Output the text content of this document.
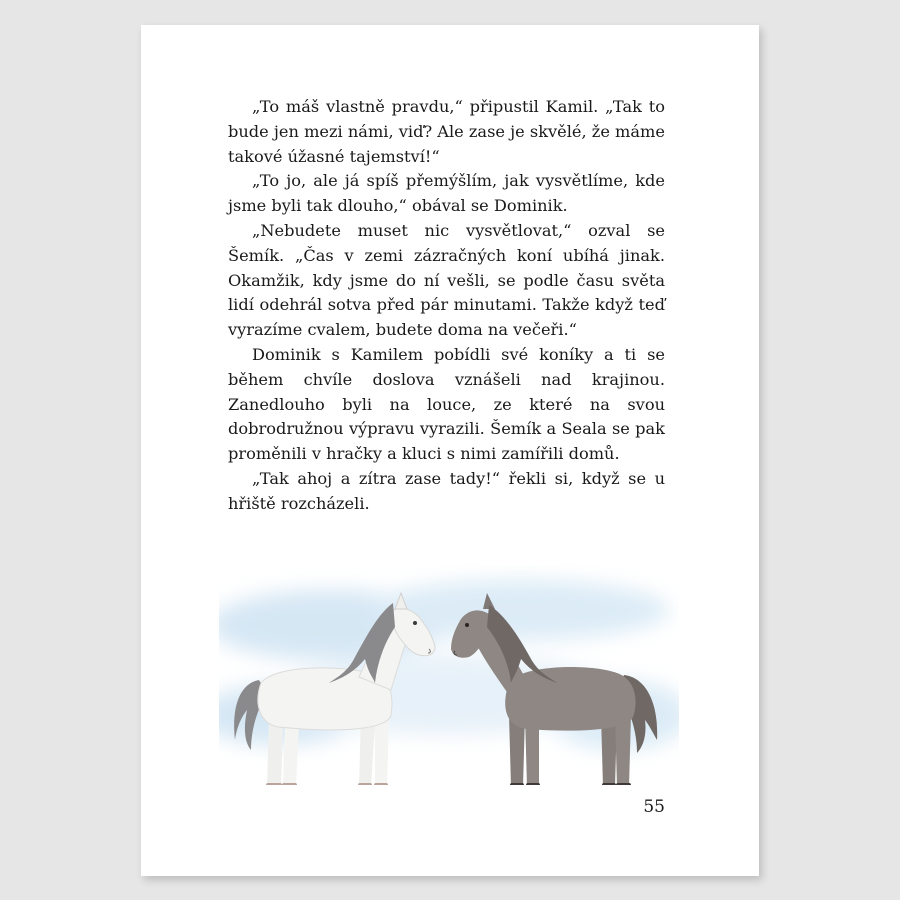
„To máš vlastně pravdu,“ připustil Kamil. „Tak to bude jen mezi námi, viď? Ale zase je skvělé, že máme takové úžasné tajemství!“

„To jo, ale já spíš přemýšlím, jak vysvětlíme, kde jsme byli tak dlouho,“ obával se Dominik.

„Nebudete muset nic vysvětlovat,“ ozval se Šemík. „Čas v zemi zázračných koní ubíhá jinak. Okamžik, kdy jsme do ní vešli, se podle času světa lidí odehrál sotva před pár minutami. Takže když teď vyrazíme cvalem, budete doma na večeři.“

Dominik s Kamilem pobídli své koníky a ti se během chvíle doslova vznášeli nad krajinou. Zanedlouho byli na louce, ze které na svou dobrodružnou výpravu vyrazili. Šemík a Seala se pak proměnili v hračky a kluci s nimi zamířili domů.

„Tak ahoj a zítra zase tady!“ řekli si, když se u hřiště rozcházeli.

55
